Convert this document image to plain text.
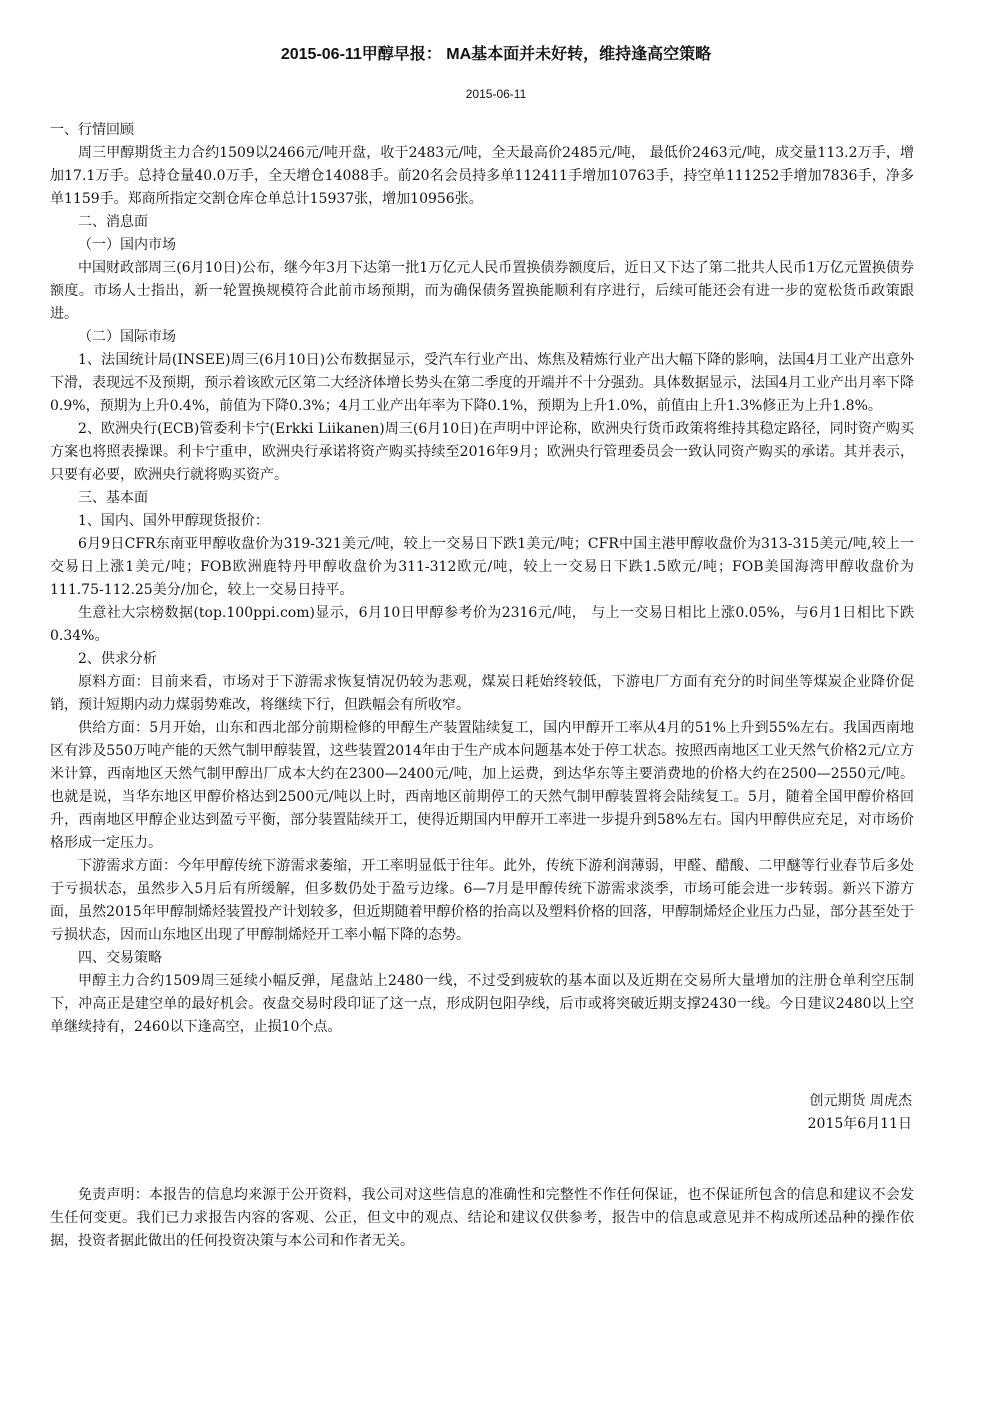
2015-06-11甲醇早报： MA基本面并未好转，维持逢高空策略
2015-06-11

一、行情回顾

周三甲醇期货主力合约1509以2466元/吨开盘，收于2483元/吨，全天最高价2485元/吨， 最低价2463元/吨，成交量113.2万手，增加17.1万手。总持仓量40.0万手，全天增仓14088手。前20名会员持多单112411手增加10763手，持空单111252手增加7836手，净多单1159手。郑商所指定交割仓库仓单总计15937张，增加10956张。

二、消息面

（一）国内市场

中国财政部周三(6月10日)公布，继今年3月下达第一批1万亿元人民币置换债券额度后，近日又下达了第二批共人民币1万亿元置换债券额度。市场人士指出，新一轮置换规模符合此前市场预期，而为确保债务置换能顺利有序进行，后续可能还会有进一步的宽松货币政策跟进。

（二）国际市场

1、法国统计局(INSEE)周三(6月10日)公布数据显示，受汽车行业产出、炼焦及精炼行业产出大幅下降的影响，法国4月工业产出意外下滑，表现远不及预期，预示着该欧元区第二大经济体增长势头在第二季度的开端并不十分强劲。具体数据显示，法国4月工业产出月率下降0.9%，预期为上升0.4%，前值为下降0.3%；4月工业产出年率为下降0.1%，预期为上升1.0%，前值由上升1.3%修正为上升1.8%。

2、欧洲央行(ECB)管委利卡宁(Erkki Liikanen)周三(6月10日)在声明中评论称，欧洲央行货币政策将维持其稳定路径，同时资产购买方案也将照表操课。利卡宁重申，欧洲央行承诺将资产购买持续至2016年9月；欧洲央行管理委员会一致认同资产购买的承诺。其并表示，只要有必要，欧洲央行就将购买资产。

三、基本面

1、国内、国外甲醇现货报价：

6月9日CFR东南亚甲醇收盘价为319-321美元/吨，较上一交易日下跌1美元/吨；CFR中国主港甲醇收盘价为313-315美元/吨,较上一交易日上涨1美元/吨；FOB欧洲鹿特丹甲醇收盘价为311-312欧元/吨，较上一交易日下跌1.5欧元/吨；FOB美国海湾甲醇收盘价为111.75-112.25美分/加仑，较上一交易日持平。

生意社大宗榜数据(top.100ppi.com)显示，6月10日甲醇参考价为2316元/吨， 与上一交易日相比上涨0.05%，与6月1日相比下跌0.34%。

2、供求分析

原料方面：目前来看，市场对于下游需求恢复情况仍较为悲观，煤炭日耗始终较低，下游电厂方面有充分的时间坐等煤炭企业降价促销，预计短期内动力煤弱势难改，将继续下行，但跌幅会有所收窄。

供给方面：5月开始，山东和西北部分前期检修的甲醇生产装置陆续复工，国内甲醇开工率从4月的51%上升到55%左右。我国西南地区有涉及550万吨产能的天然气制甲醇装置，这些装置2014年由于生产成本问题基本处于停工状态。按照西南地区工业天然气价格2元/立方米计算，西南地区天然气制甲醇出厂成本大约在2300—2400元/吨，加上运费，到达华东等主要消费地的价格大约在2500—2550元/吨。也就是说，当华东地区甲醇价格达到2500元/吨以上时，西南地区前期停工的天然气制甲醇装置将会陆续复工。5月，随着全国甲醇价格回升，西南地区甲醇企业达到盈亏平衡，部分装置陆续开工，使得近期国内甲醇开工率进一步提升到58%左右。国内甲醇供应充足，对市场价格形成一定压力。

下游需求方面：今年甲醇传统下游需求萎缩，开工率明显低于往年。此外，传统下游利润薄弱，甲醛、醋酸、二甲醚等行业春节后多处于亏损状态，虽然步入5月后有所缓解，但多数仍处于盈亏边缘。6—7月是甲醇传统下游需求淡季，市场可能会进一步转弱。新兴下游方面，虽然2015年甲醇制烯烃装置投产计划较多，但近期随着甲醇价格的抬高以及塑料价格的回落，甲醇制烯烃企业压力凸显，部分甚至处于亏损状态，因而山东地区出现了甲醇制烯烃开工率小幅下降的态势。

四、交易策略

甲醇主力合约1509周三延续小幅反弹，尾盘站上2480一线，不过受到疲软的基本面以及近期在交易所大量增加的注册仓单利空压制下，冲高正是建空单的最好机会。夜盘交易时段印证了这一点，形成阴包阳孕线，后市或将突破近期支撑2430一线。今日建议2480以上空单继续持有，2460以下逢高空，止损10个点。

创元期货 周虎杰
2015年6月11日

免责声明：本报告的信息均来源于公开资料，我公司对这些信息的准确性和完整性不作任何保证，也不保证所包含的信息和建议不会发生任何变更。我们已力求报告内容的客观、公正，但文中的观点、结论和建议仅供参考，报告中的信息或意见并不构成所述品种的操作依据，投资者据此做出的任何投资决策与本公司和作者无关。
